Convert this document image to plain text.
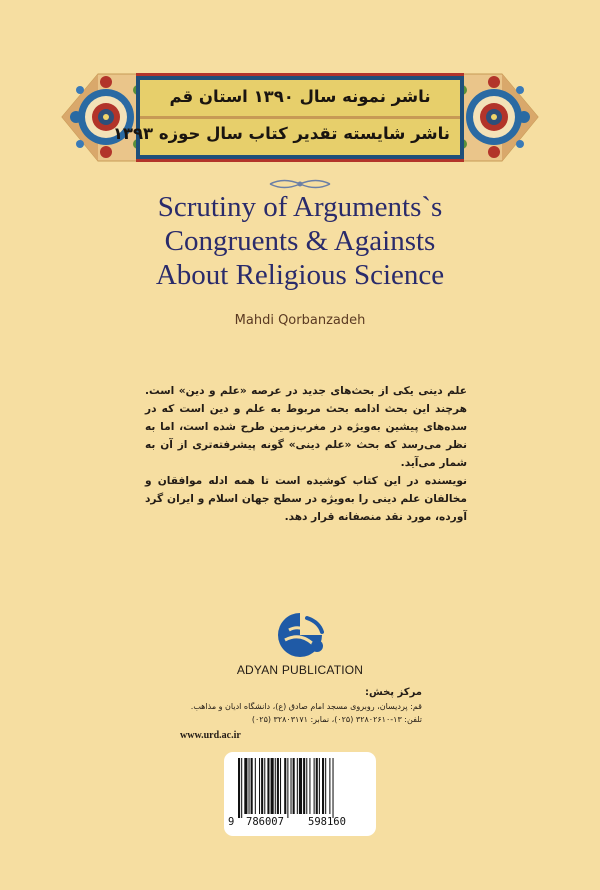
ناشر نمونه سال ۱۳۹۰ استان قم
ناشر شایسته تقدیر کتاب سال حوزه ۱۳۹۳
Scrutiny of Arguments`s
Congruents & Againsts
About Religious Science
Mahdi Qorbanzadeh

علم دینی یکی از بحث‌های جدید در عرصه «علم و دین» است. هرچند این بحث ادامه بحث مربوط به علم و دین است که در سده‌های پیشین به‌ویژه در مغرب‌زمین طرح شده است، اما به نظر می‌رسد که بحث «علم دینی» گونه پیشرفته‌تری از آن به شمار می‌آید.

نویسنده در این کتاب کوشیده است تا همه ادله موافقان و مخالفان علم دینی را به‌ویژه در سطح جهان اسلام و ایران گرد آورده، مورد نقد منصفانه قرار دهد.

ADYAN PUBLICATION
مرکز پخش:
قم: پردیسان، روبروی مسجد امام صادق (ع)، دانشگاه ادیان و مذاهب.
تلفن: ۱۳-۳۲۸۰۲۶۱۰ (۰۲۵)، نمابر: ۳۲۸۰۳۱۷۱ (۰۲۵)
www.urd.ac.ir
9 786007 598160
